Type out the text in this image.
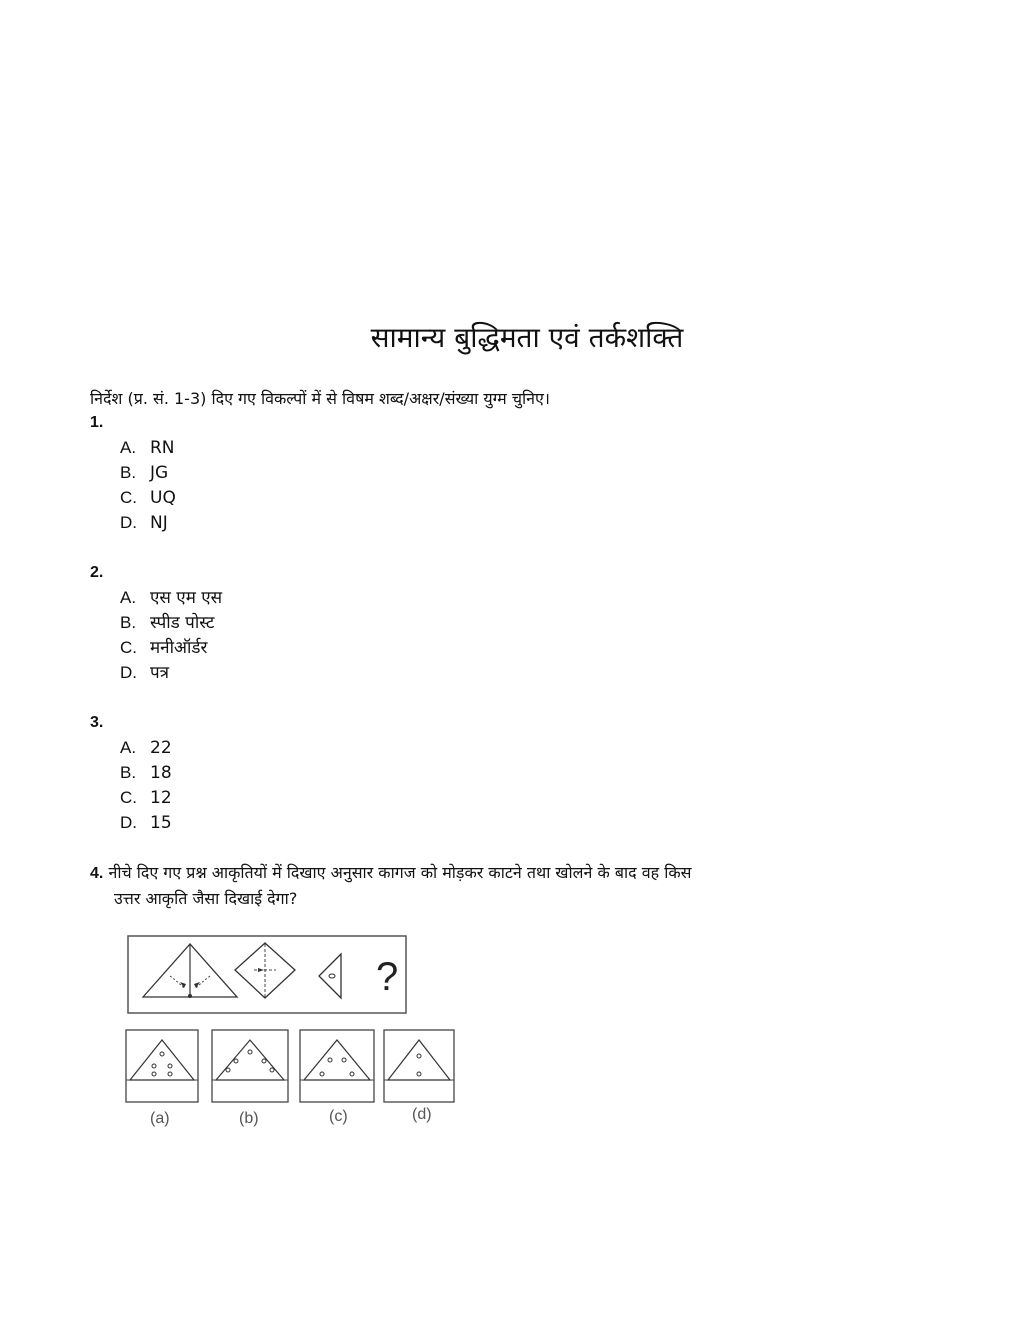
सामान्य बुद्धिमता एवं तर्कशक्ति
निर्देश (प्र. सं. 1-3) दिए गए विकल्पों में से विषम शब्द/अक्षर/संख्या युग्म चुनिए।
1.
A. RN
B. JG
C. UQ
D. NJ
2.
A. एस एम एस
B. स्पीड पोस्ट
C. मनीऑर्डर
D. पत्र
3.
A. 22
B. 18
C. 12
D. 15
4. नीचे दिए गए प्रश्न आकृतियों में दिखाए अनुसार कागज को मोड़कर काटने तथा खोलने के बाद वह किस
उत्तर आकृति जैसा दिखाई देगा?
?
(a)	(b)	(c)	(d)
